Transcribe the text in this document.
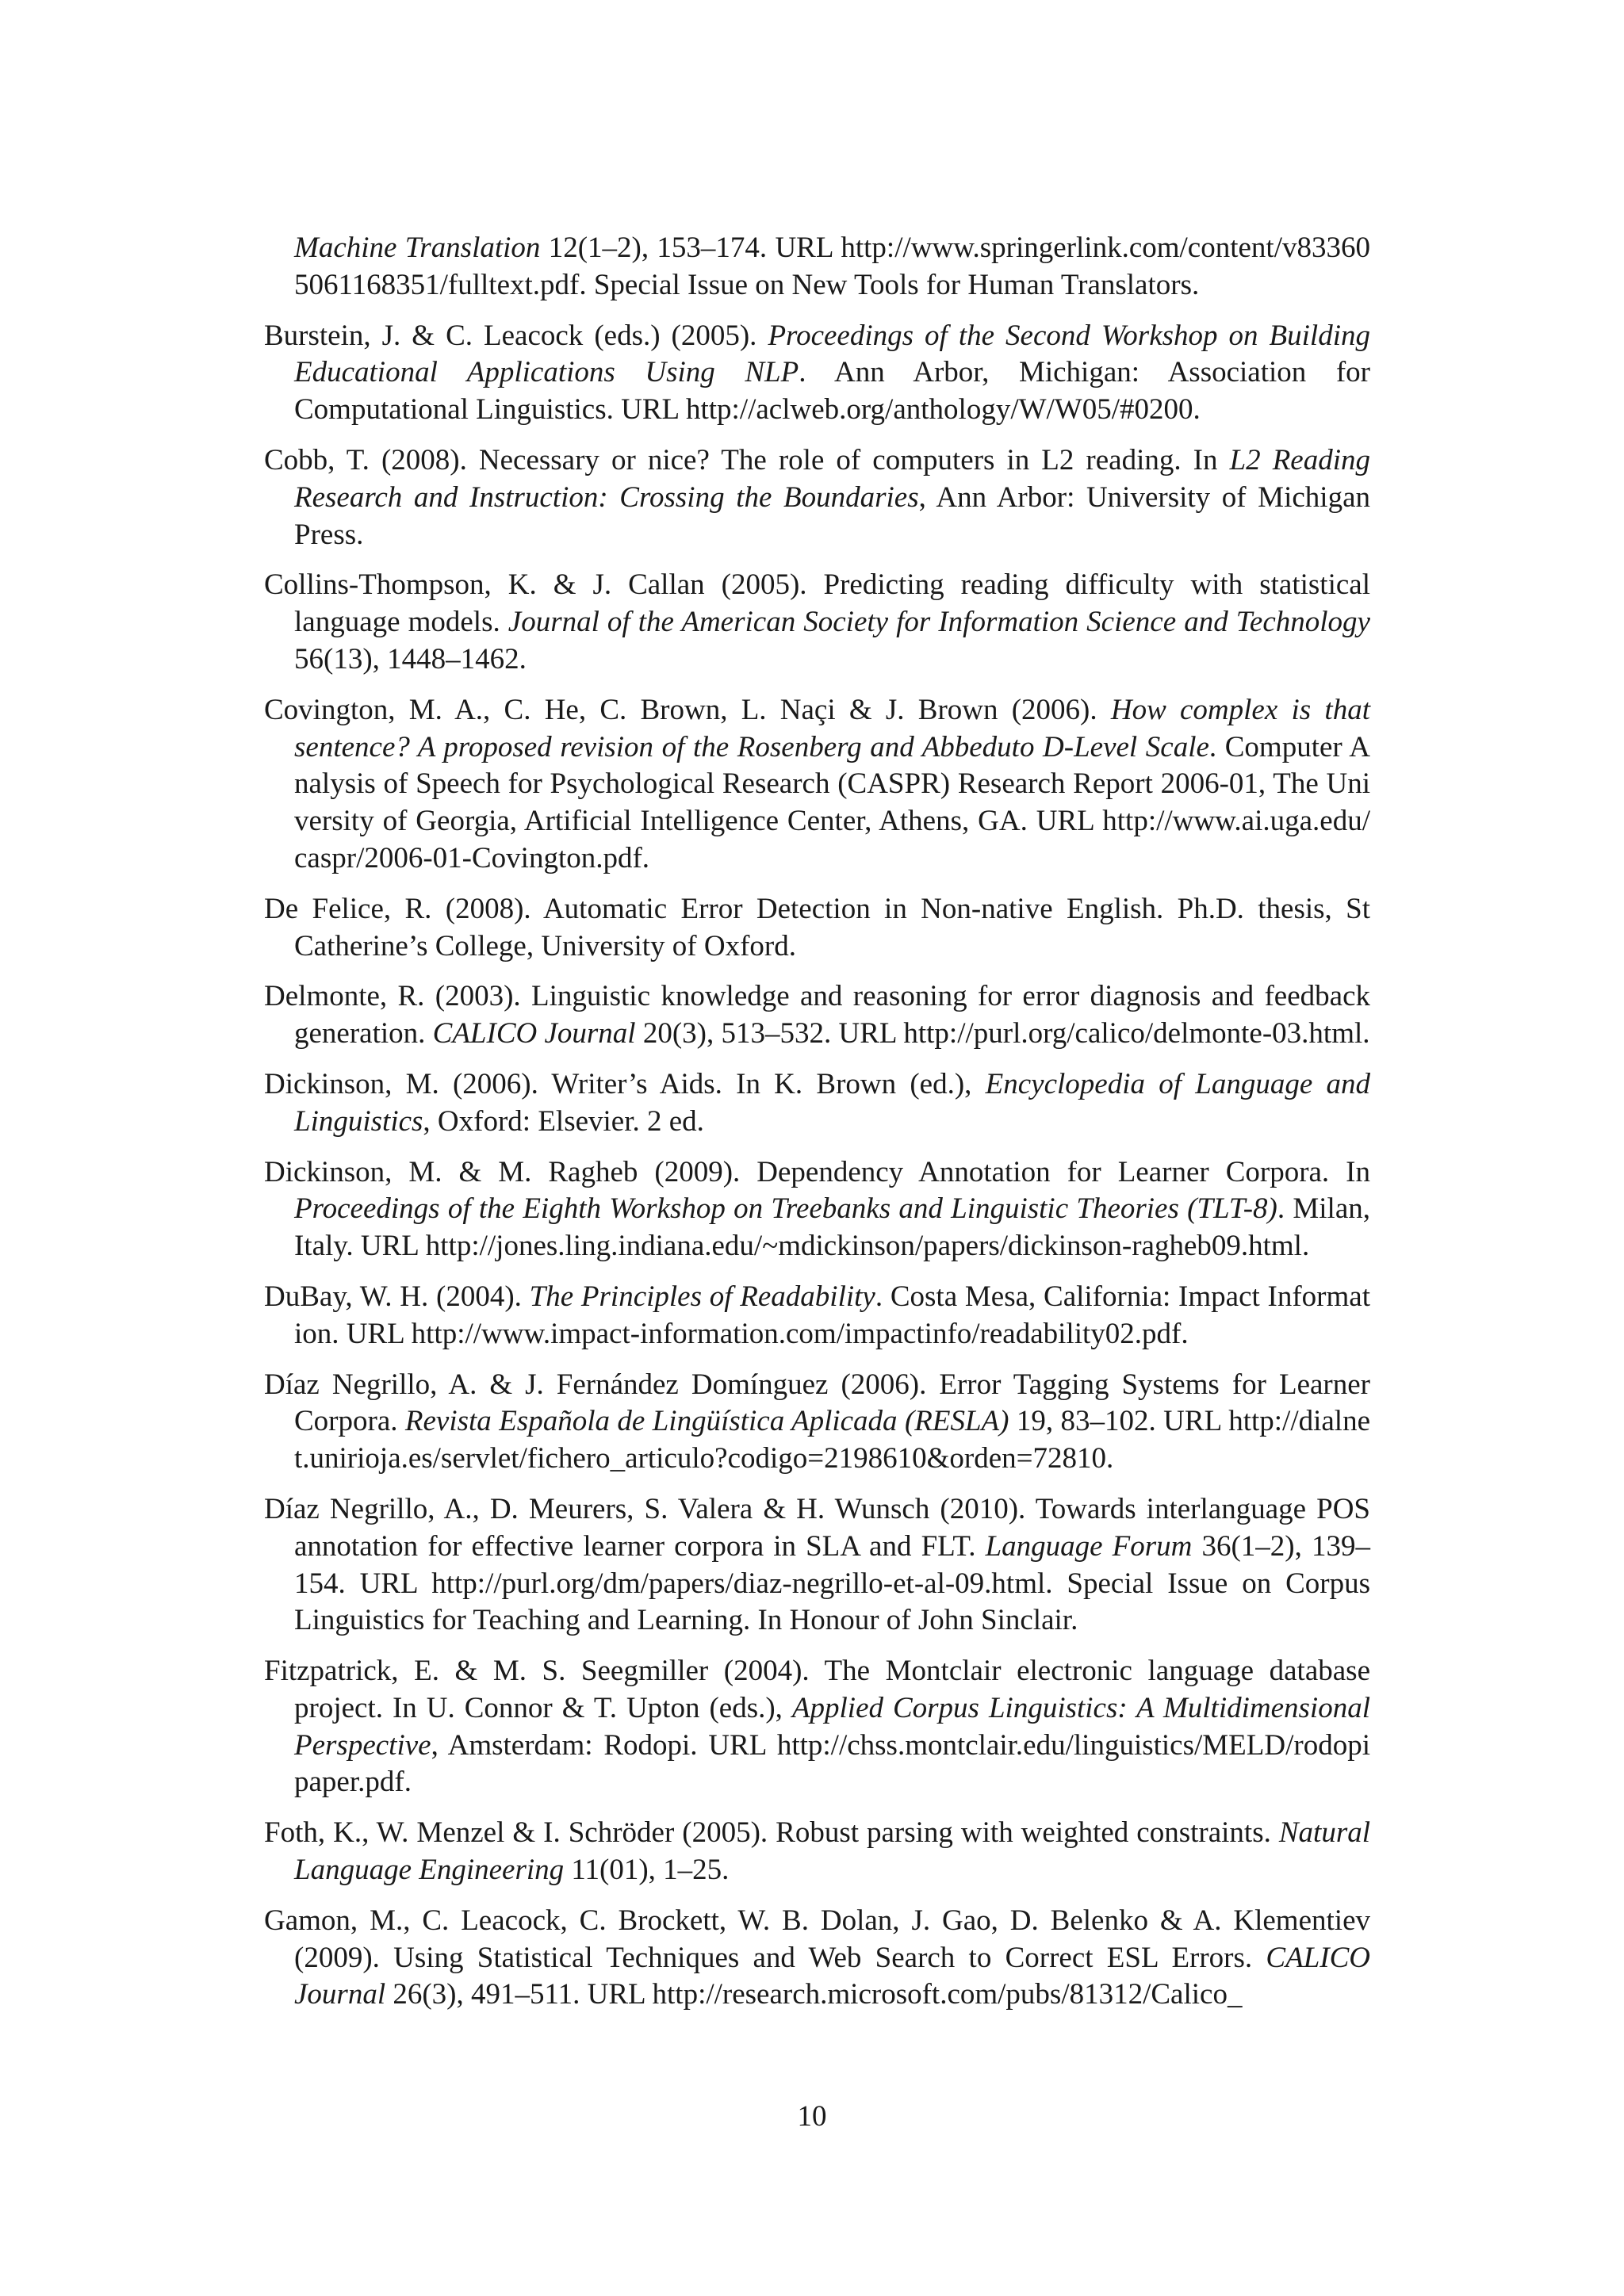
Machine Translation 12(1–2), 153–174. URL http://www.springerlink.com/content/v833605061168351/fulltext.pdf. Special Issue on New Tools for Human Translators.
Burstein, J. & C. Leacock (eds.) (2005). Proceedings of the Second Workshop on Building Educational Applications Using NLP. Ann Arbor, Michigan: Association for Computational Linguistics. URL http://aclweb.org/anthology/W/W05/#0200.
Cobb, T. (2008). Necessary or nice? The role of computers in L2 reading. In L2 Reading Research and Instruction: Crossing the Boundaries, Ann Arbor: University of Michigan Press.
Collins-Thompson, K. & J. Callan (2005). Predicting reading difficulty with statistical language models. Journal of the American Society for Information Science and Technology 56(13), 1448–1462.
Covington, M. A., C. He, C. Brown, L. Naçi & J. Brown (2006). How complex is that sentence? A proposed revision of the Rosenberg and Abbeduto D-Level Scale. Computer Analysis of Speech for Psychological Research (CASPR) Research Report 2006-01, The University of Georgia, Artificial Intelligence Center, Athens, GA. URL http://www.ai.uga.edu/caspr/2006-01-Covington.pdf.
De Felice, R. (2008). Automatic Error Detection in Non-native English. Ph.D. thesis, St Catherine’s College, University of Oxford.
Delmonte, R. (2003). Linguistic knowledge and reasoning for error diagnosis and feedback generation. CALICO Journal 20(3), 513–532. URL http://purl.org/calico/delmonte-03.html.
Dickinson, M. (2006). Writer’s Aids. In K. Brown (ed.), Encyclopedia of Language and Linguistics, Oxford: Elsevier. 2 ed.
Dickinson, M. & M. Ragheb (2009). Dependency Annotation for Learner Corpora. In Proceedings of the Eighth Workshop on Treebanks and Linguistic Theories (TLT-8). Milan, Italy. URL http://jones.ling.indiana.edu/~mdickinson/papers/dickinson-ragheb09.html.
DuBay, W. H. (2004). The Principles of Readability. Costa Mesa, California: Impact Information. URL http://www.impact-information.com/impactinfo/readability02.pdf.
Díaz Negrillo, A. & J. Fernández Domínguez (2006). Error Tagging Systems for Learner Corpora. Revista Española de Lingüística Aplicada (RESLA) 19, 83–102. URL http://dialnet.unirioja.es/servlet/fichero_articulo?codigo=2198610&orden=72810.
Díaz Negrillo, A., D. Meurers, S. Valera & H. Wunsch (2010). Towards interlanguage POS annotation for effective learner corpora in SLA and FLT. Language Forum 36(1–2), 139–154. URL http://purl.org/dm/papers/diaz-negrillo-et-al-09.html. Special Issue on Corpus Linguistics for Teaching and Learning. In Honour of John Sinclair.
Fitzpatrick, E. & M. S. Seegmiller (2004). The Montclair electronic language database project. In U. Connor & T. Upton (eds.), Applied Corpus Linguistics: A Multidimensional Perspective, Amsterdam: Rodopi. URL http://chss.montclair.edu/linguistics/MELD/rodopipaper.pdf.
Foth, K., W. Menzel & I. Schröder (2005). Robust parsing with weighted constraints. Natural Language Engineering 11(01), 1–25.
Gamon, M., C. Leacock, C. Brockett, W. B. Dolan, J. Gao, D. Belenko & A. Klementiev (2009). Using Statistical Techniques and Web Search to Correct ESL Errors. CALICO Journal 26(3), 491–511. URL http://research.microsoft.com/pubs/81312/Calico_
10
